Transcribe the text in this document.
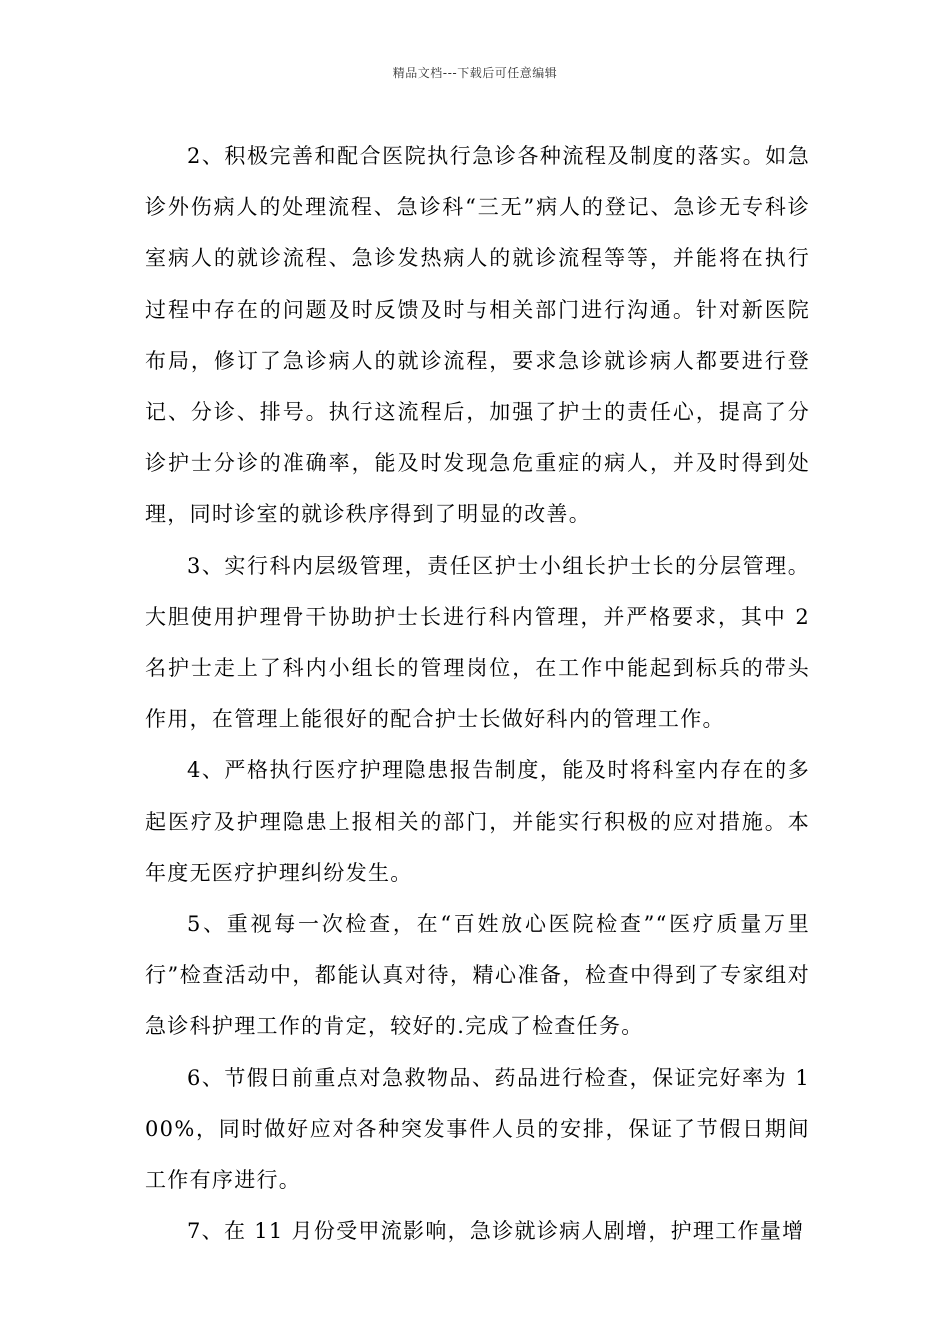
精品文档---下载后可任意编辑

2、积极完善和配合医院执行急诊各种流程及制度的落实。如急诊外伤病人的处理流程、急诊科“三无”病人的登记、急诊无专科诊室病人的就诊流程、急诊发热病人的就诊流程等等，并能将在执行过程中存在的问题及时反馈及时与相关部门进行沟通。针对新医院布局，修订了急诊病人的就诊流程，要求急诊就诊病人都要进行登记、分诊、排号。执行这流程后，加强了护士的责任心，提高了分诊护士分诊的准确率，能及时发现急危重症的病人，并及时得到处理，同时诊室的就诊秩序得到了明显的改善。

3、实行科内层级管理，责任区护士小组长护士长的分层管理。大胆使用护理骨干协助护士长进行科内管理，并严格要求，其中 2 名护士走上了科内小组长的管理岗位，在工作中能起到标兵的带头作用，在管理上能很好的配合护士长做好科内的管理工作。

4、严格执行医疗护理隐患报告制度，能及时将科室内存在的多起医疗及护理隐患上报相关的部门，并能实行积极的应对措施。本年度无医疗护理纠纷发生。

5、重视每一次检查，在“百姓放心医院检查”“医疗质量万里行”检查活动中，都能认真对待，精心准备，检查中得到了专家组对急诊科护理工作的肯定，较好的.完成了检查任务。

6、节假日前重点对急救物品、药品进行检查，保证完好率为 100%，同时做好应对各种突发事件人员的安排，保证了节假日期间工作有序进行。

7、在 11 月份受甲流影响，急诊就诊病人剧增，护理工作量增
